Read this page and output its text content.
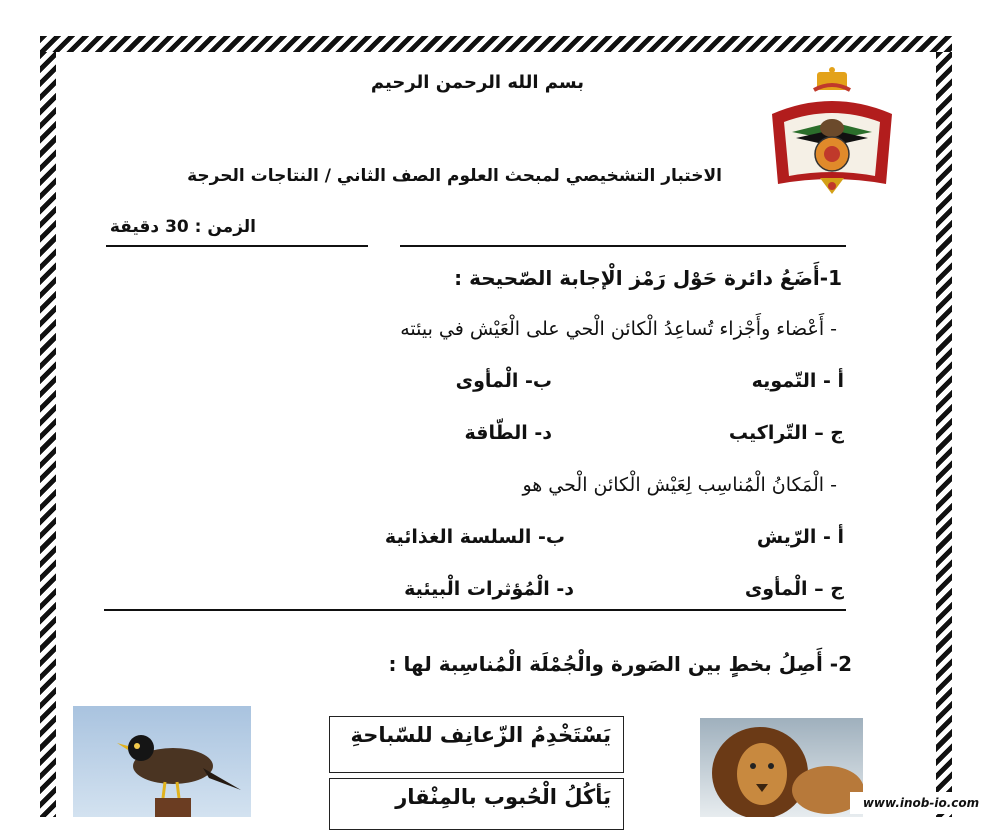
بسم الله الرحمن الرحيم
الاختبار التشخيصي لمبحث العلوم الصف الثاني / النتاجات الحرجة
الزمن : 30 دقيقة
1-أَضَعُ دائرة حَوْل رَمْز الْإجابة الصّحيحة :
- أَعْضاء وأَجْزاء تُساعِدُ الْكائن الْحي على الْعَيْش في بيئته
أ - التّمويه
ب- الْمأوى
ج – التّراكيب
د- الطّاقة
- الْمَكانُ الْمُناسِب لِعَيْش الْكائن الْحي هو
أ - الرّيش
ب- السلسة الغذائية
ج – الْمأوى
د- الْمُؤثرات الْبيئية
2- أَصِلُ بخطٍ بين الصَورة والْجُمْلَة الْمُناسِبة لها :
يَسْتَخْدِمُ الزّعانِف للسّباحةِ
يَأكُلُ الْحُبوب بالمِنْقار	www.inob-io.com
